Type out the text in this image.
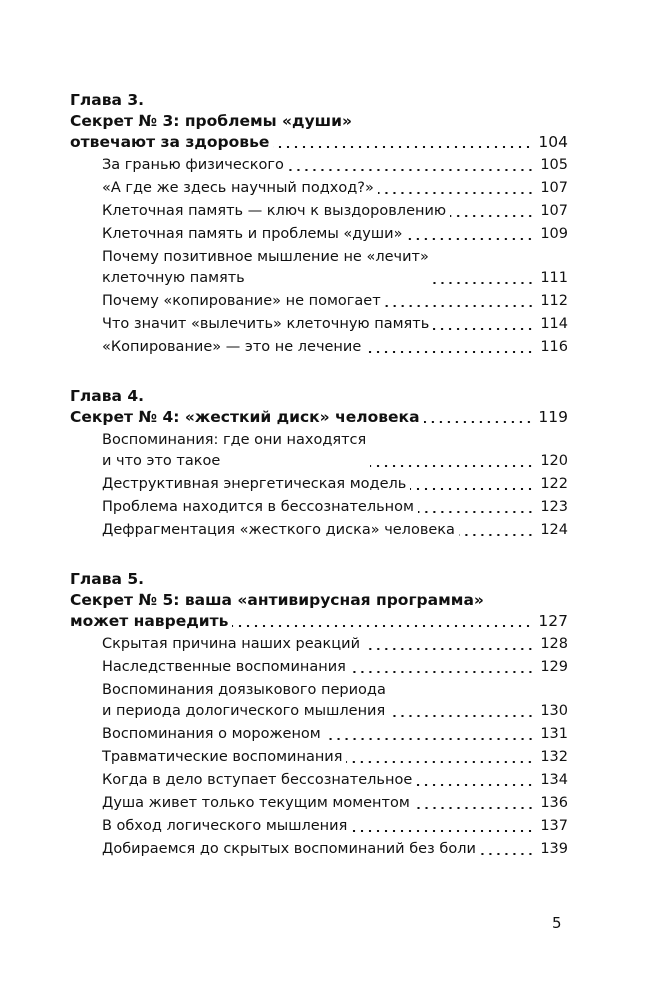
Глава 3.
Секрет № 3: проблемы «души»
отвечают за здоровье	104
За гранью физического	105
«А где же здесь научный подход?»	107
Клеточная память — ключ к выздоровлению	107
Клеточная память и проблемы «души»	109
Почему позитивное мышление не «лечит»
клеточную память	111
Почему «копирование» не помогает	112
Что значит «вылечить» клеточную память	114
«Копирование» — это не лечение	116
Глава 4.
Секрет № 4: «жесткий диск» человека	119
Воспоминания: где они находятся
и что это такое	120
Деструктивная энергетическая модель	122
Проблема находится в бессознательном	123
Дефрагментация «жесткого диска» человека	124
Глава 5.
Секрет № 5: ваша «антивирусная программа»
может навредить	127
Скрытая причина наших реакций	128
Наследственные воспоминания	129
Воспоминания доязыкового периода
и периода дологического мышления	130
Воспоминания о мороженом	131
Травматические воспоминания	132
Когда в дело вступает бессознательное	134
Душа живет только текущим моментом	136
В обход логического мышления	137
Добираемся до скрытых воспоминаний без боли	139
5
